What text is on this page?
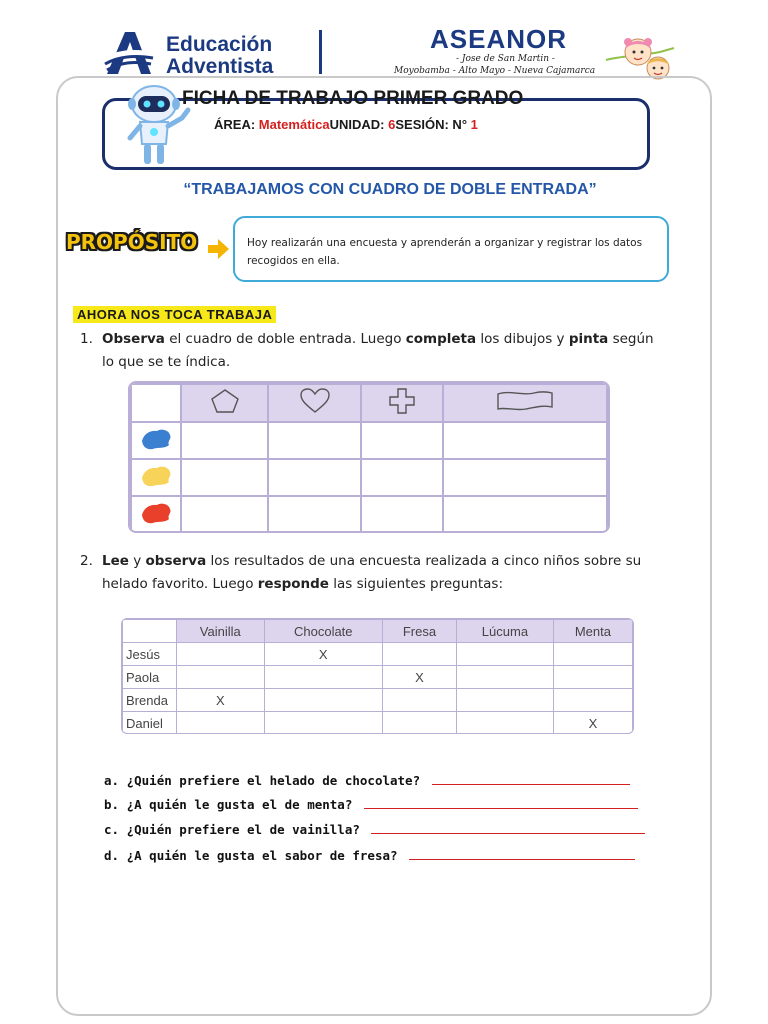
Educación
Adventista
ASEANOR
- Jose de San Martin -
Moyobamba - Alto Mayo - Nueva Cajamarca
FICHA DE TRABAJO PRIMER GRADO
ÁREA: MatemáticaUNIDAD: 6SESIÓN: N° 1
“TRABAJAMOS CON CUADRO DE DOBLE ENTRADA”
PROPÓSITO	Hoy realizarán una encuesta y aprenderán a organizar y registrar los datos recogidos en ella.
AHORA NOS TOCA TRABAJA
1. Observa el cuadro de doble entrada. Luego completa los dibujos y pinta según
lo que se te índica.

2. Lee y observa los resultados de una encuesta realizada a cinco niños sobre su
helado favorito. Luego responde las siguientes preguntas:
	Vainilla	Chocolate	Fresa	Lúcuma	Menta
Jesús		X			
Paola			X		
Brenda	X				
Daniel					X
a. ¿Quién prefiere el helado de chocolate?
b. ¿A quién le gusta el de menta?
c. ¿Quién prefiere el de vainilla?
d. ¿A quién le gusta el sabor de fresa?
